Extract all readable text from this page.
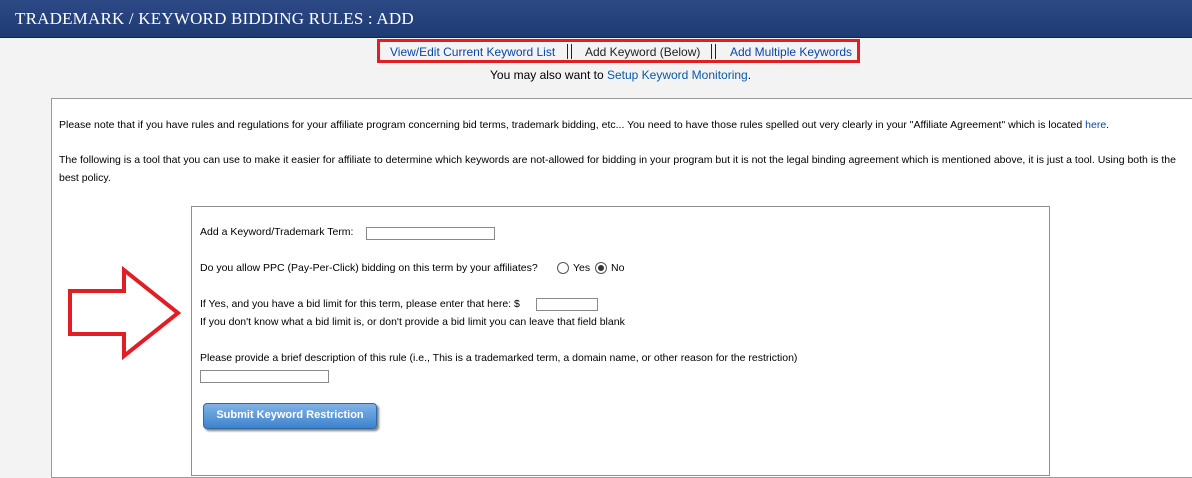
TRADEMARK / KEYWORD BIDDING RULES : ADD
View/Edit Current Keyword List Add Keyword (Below) Add Multiple Keywords
You may also want to Setup Keyword Monitoring.
Please note that if you have rules and regulations for your affiliate program concerning bid terms, trademark bidding, etc... You need to have those rules spelled out very clearly in your "Affiliate Agreement" which is located here.
The following is a tool that you can use to make it easier for affiliate to determine which keywords are not-allowed for bidding in your program but it is not the legal binding agreement which is mentioned above, it is just a tool. Using both is the best policy.
Add a Keyword/Trademark Term:
Do you allow PPC (Pay-Per-Click) bidding on this term by your affiliates?	Yes No
If Yes, and you have a bid limit for this term, please enter that here: $
If you don't know what a bid limit is, or don't provide a bid limit you can leave that field blank
Please provide a brief description of this rule (i.e., This is a trademarked term, a domain name, or other reason for the restriction)
Submit Keyword Restriction
